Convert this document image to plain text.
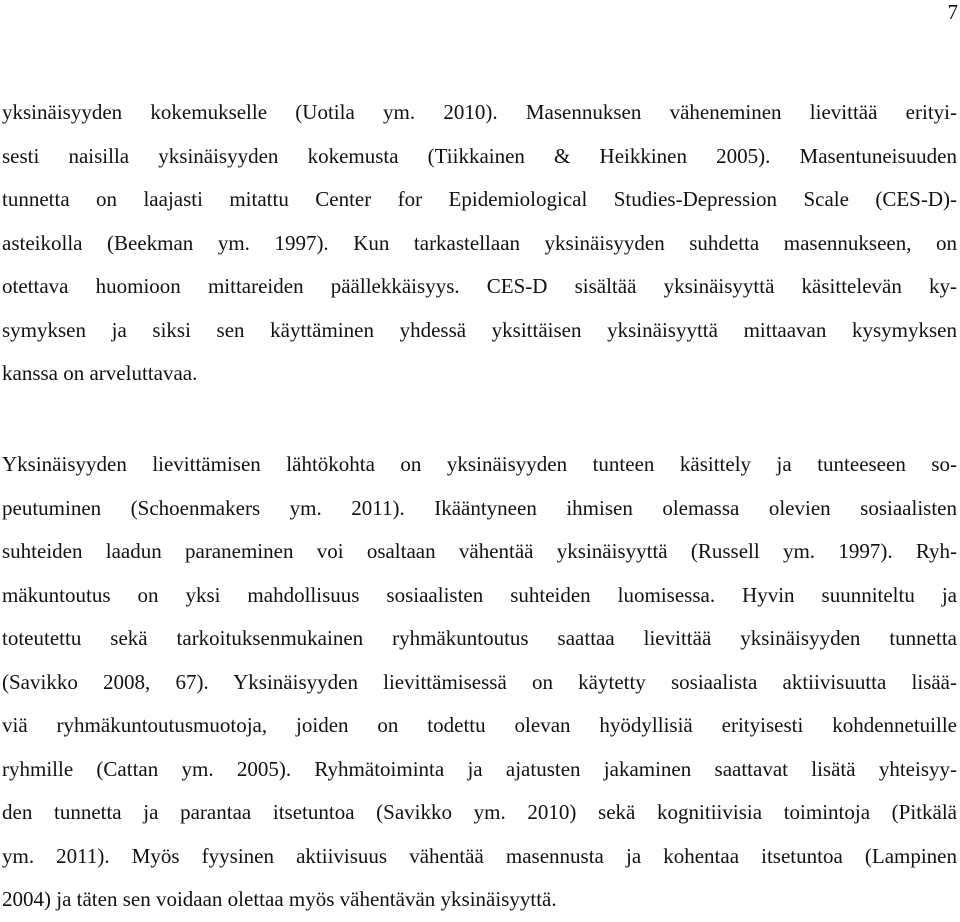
7
yksinäisyyden kokemukselle (Uotila ym. 2010). Masennuksen väheneminen lievittää erityi-
sesti naisilla yksinäisyyden kokemusta (Tiikkainen & Heikkinen 2005). Masentuneisuuden
tunnetta on laajasti mitattu Center for Epidemiological Studies-Depression Scale (CES-D)-
asteikolla (Beekman ym. 1997). Kun tarkastellaan yksinäisyyden suhdetta masennukseen, on
otettava huomioon mittareiden päällekkäisyys. CES-D sisältää yksinäisyyttä käsittelevän ky-
symyksen ja siksi sen käyttäminen yhdessä yksittäisen yksinäisyyttä mittaavan kysymyksen
kanssa on arveluttavaa.
Yksinäisyyden lievittämisen lähtökohta on yksinäisyyden tunteen käsittely ja tunteeseen so-
peutuminen (Schoenmakers ym. 2011). Ikääntyneen ihmisen olemassa olevien sosiaalisten
suhteiden laadun paraneminen voi osaltaan vähentää yksinäisyyttä (Russell ym. 1997). Ryh-
mäkuntoutus on yksi mahdollisuus sosiaalisten suhteiden luomisessa. Hyvin suunniteltu ja
toteutettu sekä tarkoituksenmukainen ryhmäkuntoutus saattaa lievittää yksinäisyyden tunnetta
(Savikko 2008, 67). Yksinäisyyden lievittämisessä on käytetty sosiaalista aktiivisuutta lisää-
viä ryhmäkuntoutusmuotoja, joiden on todettu olevan hyödyllisiä erityisesti kohdennetuille
ryhmille (Cattan ym. 2005). Ryhmätoiminta ja ajatusten jakaminen saattavat lisätä yhteisyy-
den tunnetta ja parantaa itsetuntoa (Savikko ym. 2010) sekä kognitiivisia toimintoja (Pitkälä
ym. 2011). Myös fyysinen aktiivisuus vähentää masennusta ja kohentaa itsetuntoa (Lampinen
2004) ja täten sen voidaan olettaa myös vähentävän yksinäisyyttä.
